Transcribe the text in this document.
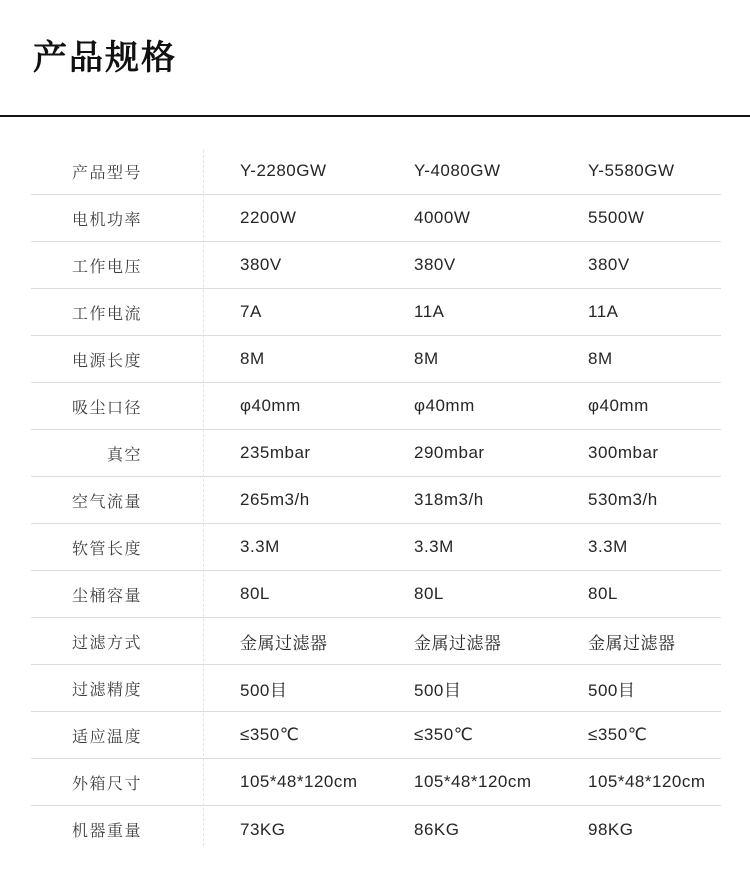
产品规格
产品型号	Y-2280GW	Y-4080GW	Y-5580GW
电机功率	2200W	4000W	5500W
工作电压	380V	380V	380V
工作电流	7A	11A	11A
电源长度	8M	8M	8M
吸尘口径	φ40mm	φ40mm	φ40mm
真空	235mbar	290mbar	300mbar
空气流量	265m3/h	318m3/h	530m3/h
软管长度	3.3M	3.3M	3.3M
尘桶容量	80L	80L	80L
过滤方式	金属过滤器	金属过滤器	金属过滤器
过滤精度	500目	500目	500目
适应温度	≤350℃	≤350℃	≤350℃
外箱尺寸	105*48*120cm	105*48*120cm	105*48*120cm
机器重量	73KG	86KG	98KG
